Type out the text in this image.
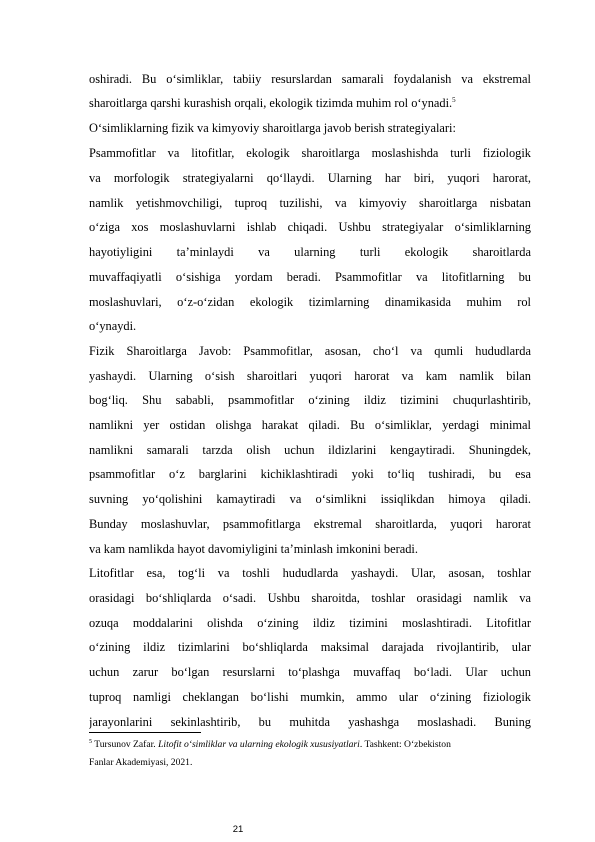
oshiradi. Bu o‘simliklar, tabiiy resurslardan samarali foydalanish va ekstremal
sharoitlarga qarshi kurashish orqali, ekologik tizimda muhim rol o‘ynadi.$^5$
O‘simliklarning fizik va kimyoviy sharoitlarga javob berish strategiyalari:
Psammofitlar va litofitlar, ekologik sharoitlarga moslashishda turli fiziologik
va morfologik strategiyalarni qo‘llaydi. Ularning har biri, yuqori harorat,
namlik yetishmovchiligi, tuproq tuzilishi, va kimyoviy sharoitlarga nisbatan
o‘ziga xos moslashuvlarni ishlab chiqadi. Ushbu strategiyalar o‘simliklarning
hayotiyligini ta’minlaydi va ularning turli ekologik sharoitlarda
muvaffaqiyatli o‘sishiga yordam beradi. Psammofitlar va litofitlarning bu
moslashuvlari, o‘z-o‘zidan ekologik tizimlarning dinamikasida muhim rol
o‘ynaydi.
Fizik Sharoitlarga Javob: Psammofitlar, asosan, cho‘l va qumli hududlarda
yashaydi. Ularning o‘sish sharoitlari yuqori harorat va kam namlik bilan
bog‘liq. Shu sababli, psammofitlar o‘zining ildiz tizimini chuqurlashtirib,
namlikni yer ostidan olishga harakat qiladi. Bu o‘simliklar, yerdagi minimal
namlikni samarali tarzda olish uchun ildizlarini kengaytiradi. Shuningdek,
psammofitlar o‘z barglarini kichiklashtiradi yoki to‘liq tushiradi, bu esa
suvning yo‘qolishini kamaytiradi va o‘simlikni issiqlikdan himoya qiladi.
Bunday moslashuvlar, psammofitlarga ekstremal sharoitlarda, yuqori harorat
va kam namlikda hayot davomiyligini ta’minlash imkonini beradi.
Litofitlar esa, tog‘li va toshli hududlarda yashaydi. Ular, asosan, toshlar
orasidagi bo‘shliqlarda o‘sadi. Ushbu sharoitda, toshlar orasidagi namlik va
ozuqa moddalarini olishda o‘zining ildiz tizimini moslashtiradi. Litofitlar
o‘zining ildiz tizimlarini bo‘shliqlarda maksimal darajada rivojlantirib, ular
uchun zarur bo‘lgan resurslarni to‘plashga muvaffaq bo‘ladi. Ular uchun
tuproq namligi cheklangan bo‘lishi mumkin, ammo ular o‘zining fiziologik
jarayonlarini sekinlashtirib, bu muhitda yashashga moslashadi. Buning
$^5$ Tursunov Zafar. Litofit o‘simliklar va ularning ekologik xususiyatlari. Tashkent: O‘zbekiston
Fanlar Akademiyasi, 2021.
21
